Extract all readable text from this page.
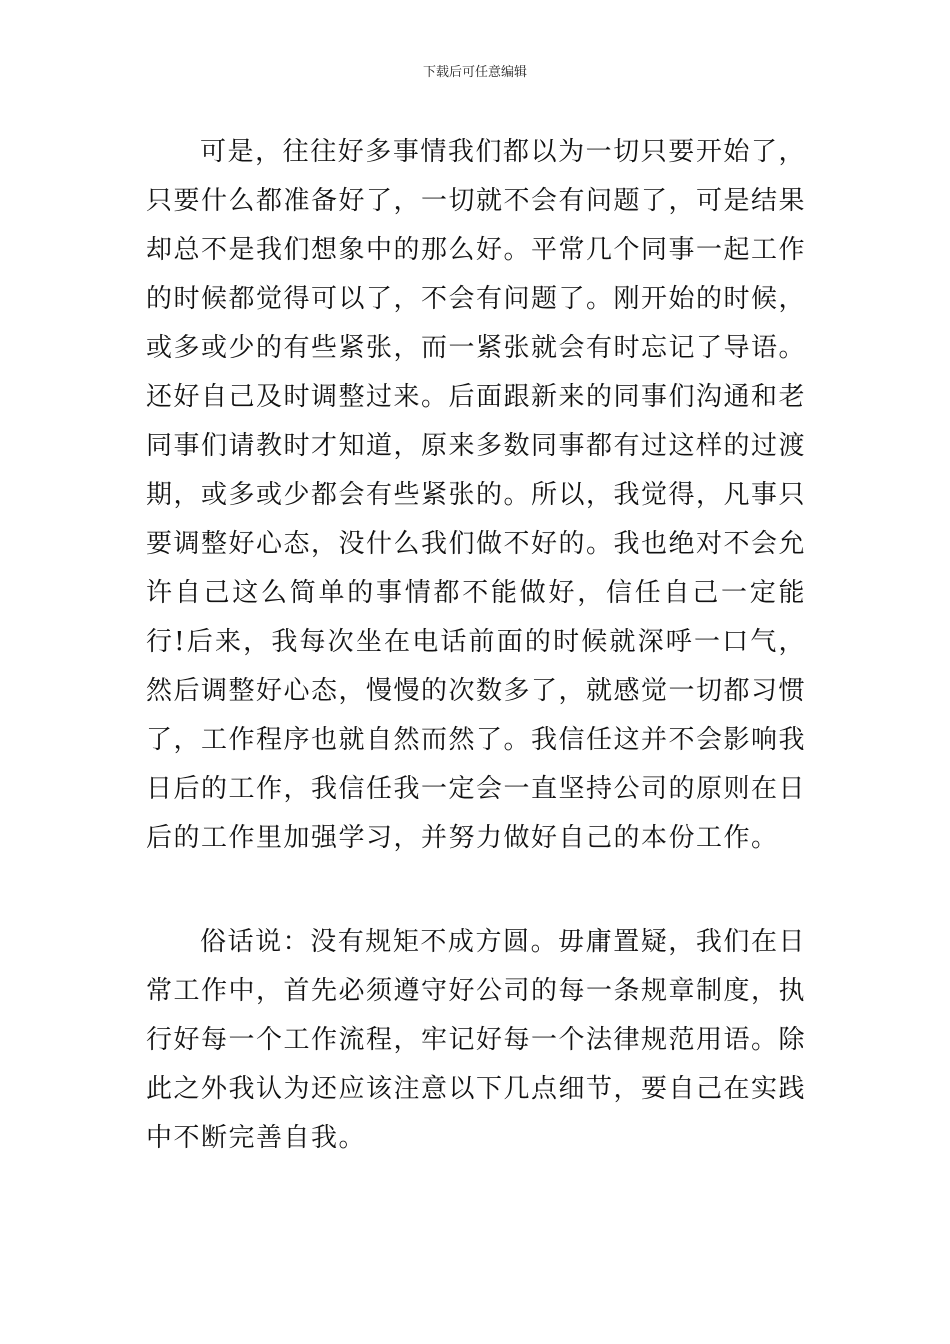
下载后可任意编辑

可是，往往好多事情我们都以为一切只要开始了，只要什么都准备好了，一切就不会有问题了，可是结果却总不是我们想象中的那么好。平常几个同事一起工作的时候都觉得可以了，不会有问题了。刚开始的时候，或多或少的有些紧张，而一紧张就会有时忘记了导语。还好自己及时调整过来。后面跟新来的同事们沟通和老同事们请教时才知道，原来多数同事都有过这样的过渡期，或多或少都会有些紧张的。所以，我觉得，凡事只要调整好心态，没什么我们做不好的。我也绝对不会允许自己这么简单的事情都不能做好，信任自己一定能行!后来，我每次坐在电话前面的时候就深呼一口气，然后调整好心态，慢慢的次数多了，就感觉一切都习惯了，工作程序也就自然而然了。我信任这并不会影响我日后的工作，我信任我一定会一直坚持公司的原则在日后的工作里加强学习，并努力做好自己的本份工作。

俗话说：没有规矩不成方圆。毋庸置疑，我们在日常工作中，首先必须遵守好公司的每一条规章制度，执行好每一个工作流程，牢记好每一个法律规范用语。除此之外我认为还应该注意以下几点细节，要自己在实践中不断完善自我。
